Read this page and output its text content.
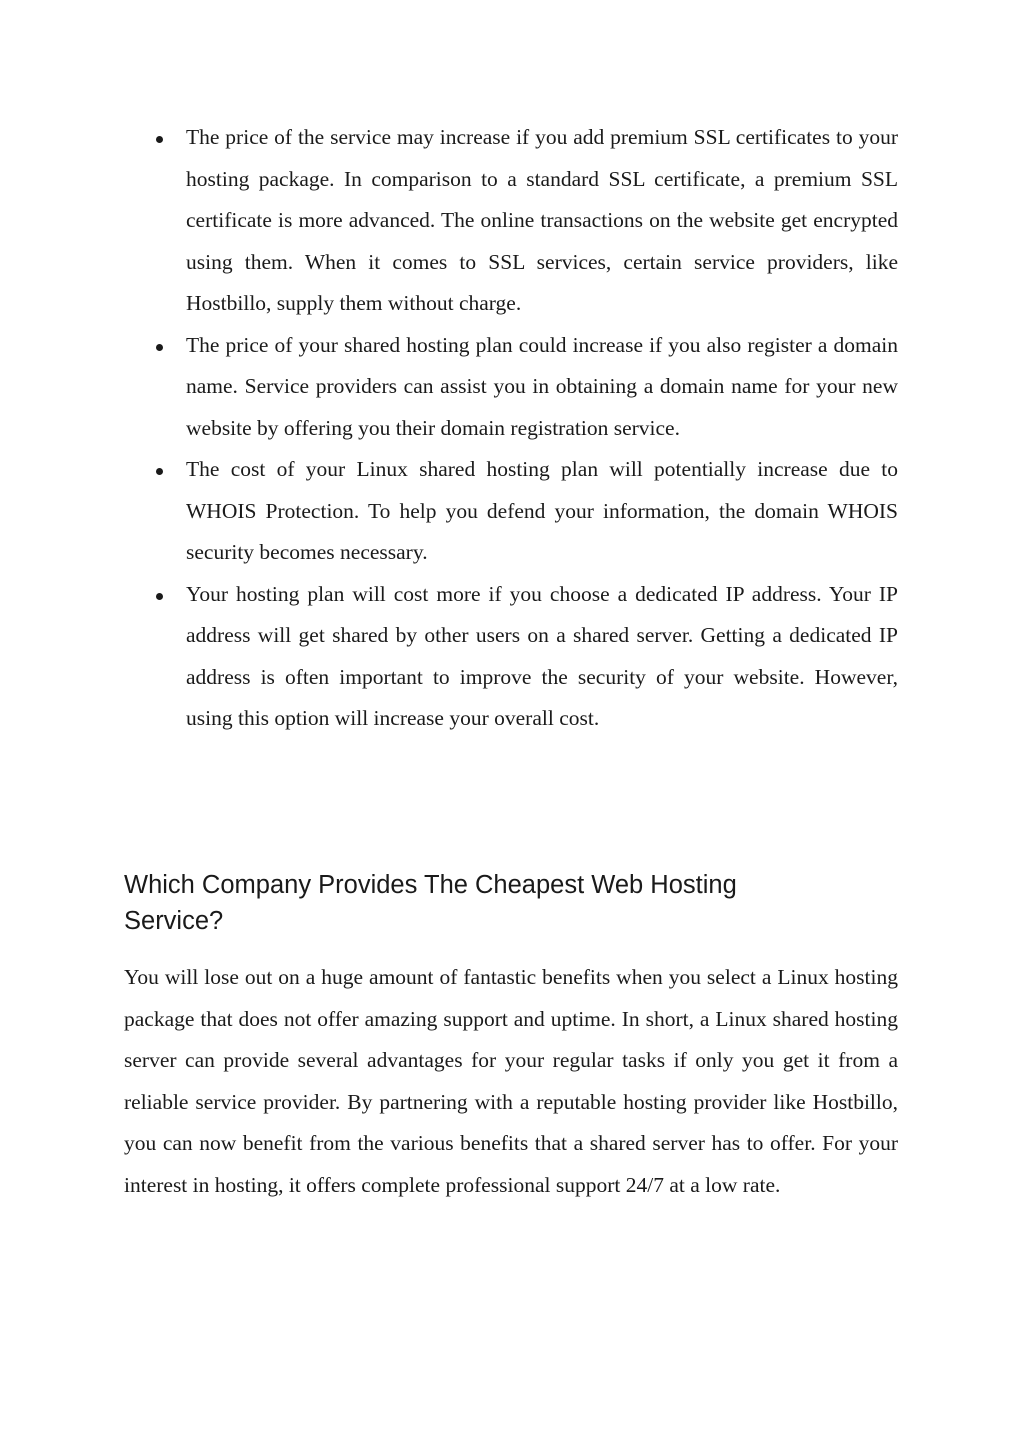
The price of the service may increase if you add premium SSL certificates to your hosting package. In comparison to a standard SSL certificate, a premium SSL certificate is more advanced. The online transactions on the website get encrypted using them. When it comes to SSL services, certain service providers, like Hostbillo, supply them without charge.
The price of your shared hosting plan could increase if you also register a domain name. Service providers can assist you in obtaining a domain name for your new website by offering you their domain registration service.
The cost of your Linux shared hosting plan will potentially increase due to WHOIS Protection. To help you defend your information, the domain WHOIS security becomes necessary.
Your hosting plan will cost more if you choose a dedicated IP address. Your IP address will get shared by other users on a shared server. Getting a dedicated IP address is often important to improve the security of your website. However, using this option will increase your overall cost.
Which Company Provides The Cheapest Web Hosting Service?

You will lose out on a huge amount of fantastic benefits when you select a Linux hosting package that does not offer amazing support and uptime. In short, a Linux shared hosting server can provide several advantages for your regular tasks if only you get it from a reliable service provider. By partnering with a reputable hosting provider like Hostbillo, you can now benefit from the various benefits that a shared server has to offer. For your interest in hosting, it offers complete professional support 24/7 at a low rate.
